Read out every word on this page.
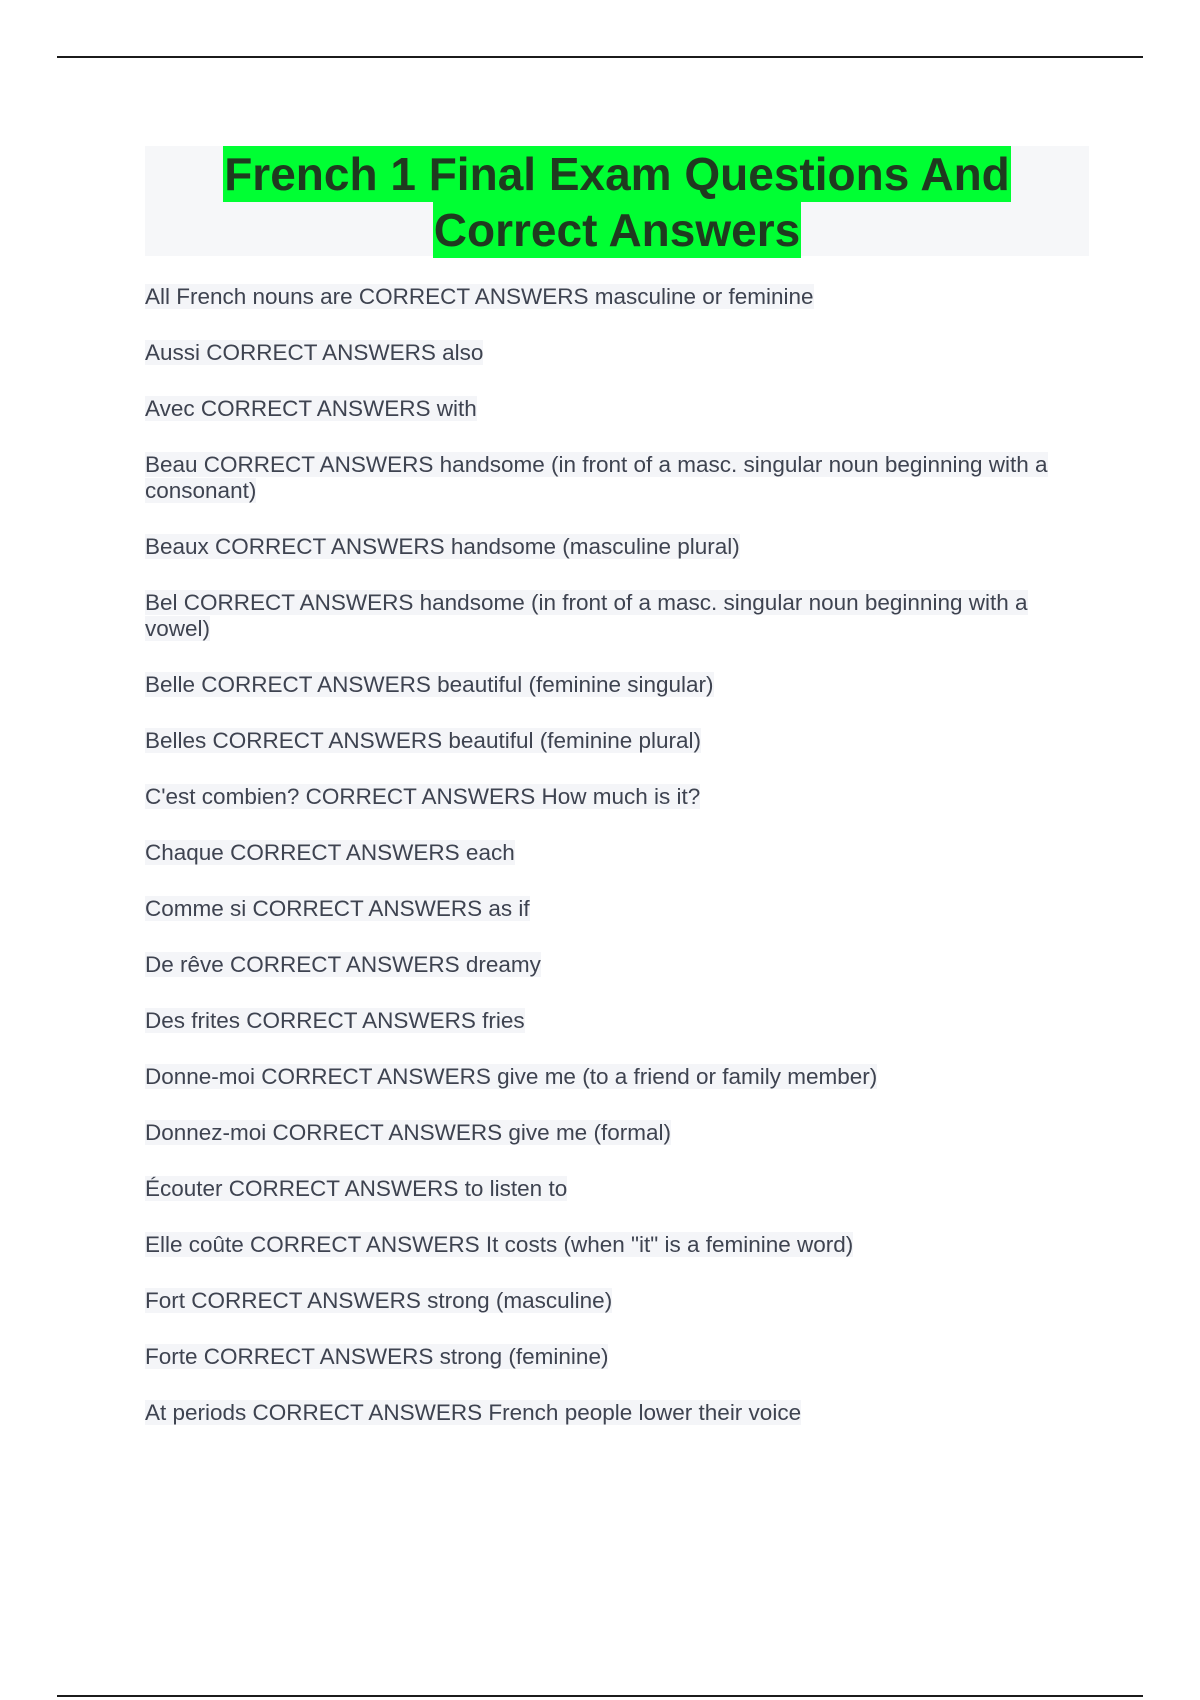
French 1 Final Exam Questions And
Correct Answers
All French nouns are CORRECT ANSWERS masculine or feminine
Aussi CORRECT ANSWERS also
Avec CORRECT ANSWERS with
Beau CORRECT ANSWERS handsome (in front of a masc. singular noun beginning with a consonant)
Beaux CORRECT ANSWERS handsome (masculine plural)
Bel CORRECT ANSWERS handsome (in front of a masc. singular noun beginning with a vowel)
Belle CORRECT ANSWERS beautiful (feminine singular)
Belles CORRECT ANSWERS beautiful (feminine plural)
C'est combien? CORRECT ANSWERS How much is it?
Chaque CORRECT ANSWERS each
Comme si CORRECT ANSWERS as if
De rêve CORRECT ANSWERS dreamy
Des frites CORRECT ANSWERS fries
Donne-moi CORRECT ANSWERS give me (to a friend or family member)
Donnez-moi CORRECT ANSWERS give me (formal)
Écouter CORRECT ANSWERS to listen to
Elle coûte CORRECT ANSWERS It costs (when "it" is a feminine word)
Fort CORRECT ANSWERS strong (masculine)
Forte CORRECT ANSWERS strong (feminine)
At periods CORRECT ANSWERS French people lower their voice
